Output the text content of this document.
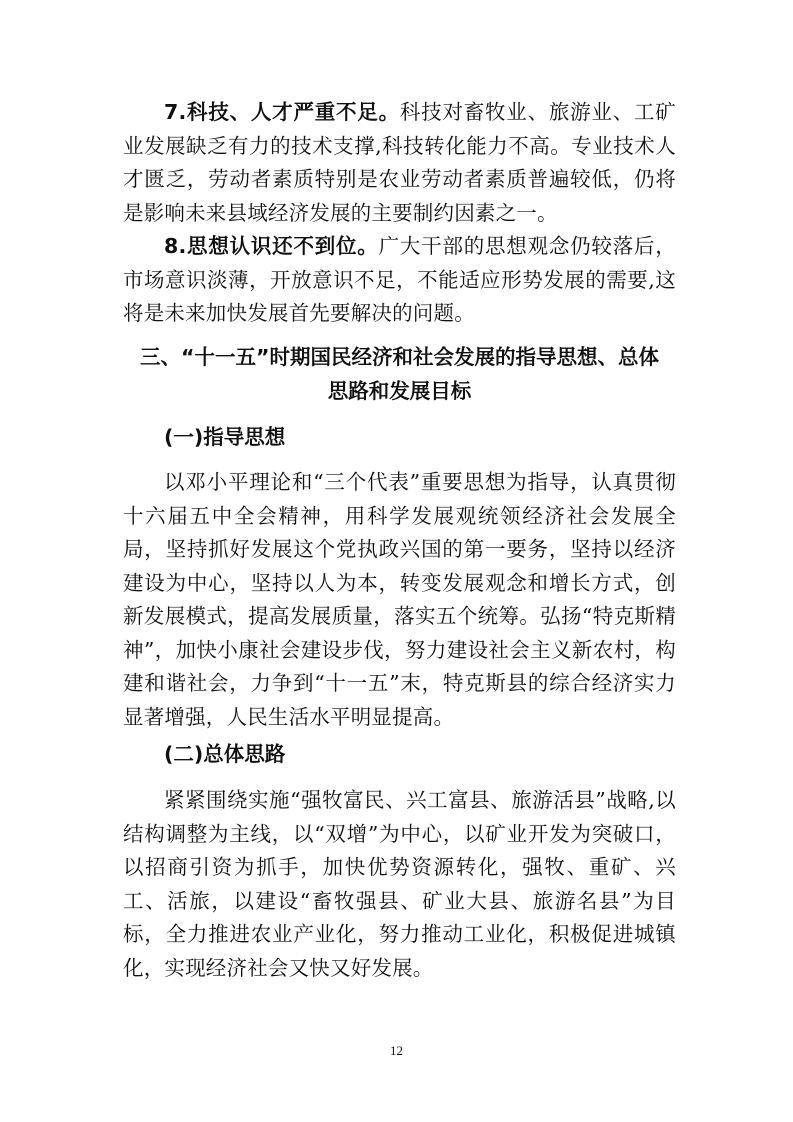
7.科技、人才严重不足。科技对畜牧业、旅游业、工矿业发展缺乏有力的技术支撑,科技转化能力不高。专业技术人才匮乏，劳动者素质特别是农业劳动者素质普遍较低，仍将是影响未来县域经济发展的主要制约因素之一。

8.思想认识还不到位。广大干部的思想观念仍较落后，市场意识淡薄，开放意识不足，不能适应形势发展的需要,这将是未来加快发展首先要解决的问题。

三、“十一五”时期国民经济和社会发展的指导思想、总体
思路和发展目标

(一)指导思想

以邓小平理论和“三个代表”重要思想为指导，认真贯彻十六届五中全会精神，用科学发展观统领经济社会发展全局，坚持抓好发展这个党执政兴国的第一要务，坚持以经济建设为中心，坚持以人为本，转变发展观念和增长方式，创新发展模式，提高发展质量，落实五个统筹。弘扬“特克斯精神”，加快小康社会建设步伐，努力建设社会主义新农村，构建和谐社会，力争到“十一五”末，特克斯县的综合经济实力显著增强，人民生活水平明显提高。

(二)总体思路

紧紧围绕实施“强牧富民、兴工富县、旅游活县”战略,以结构调整为主线，以“双增”为中心，以矿业开发为突破口，以招商引资为抓手，加快优势资源转化，强牧、重矿、兴工、活旅，以建设“畜牧强县、矿业大县、旅游名县”为目标，全力推进农业产业化，努力推动工业化，积极促进城镇化，实现经济社会又快又好发展。

12
